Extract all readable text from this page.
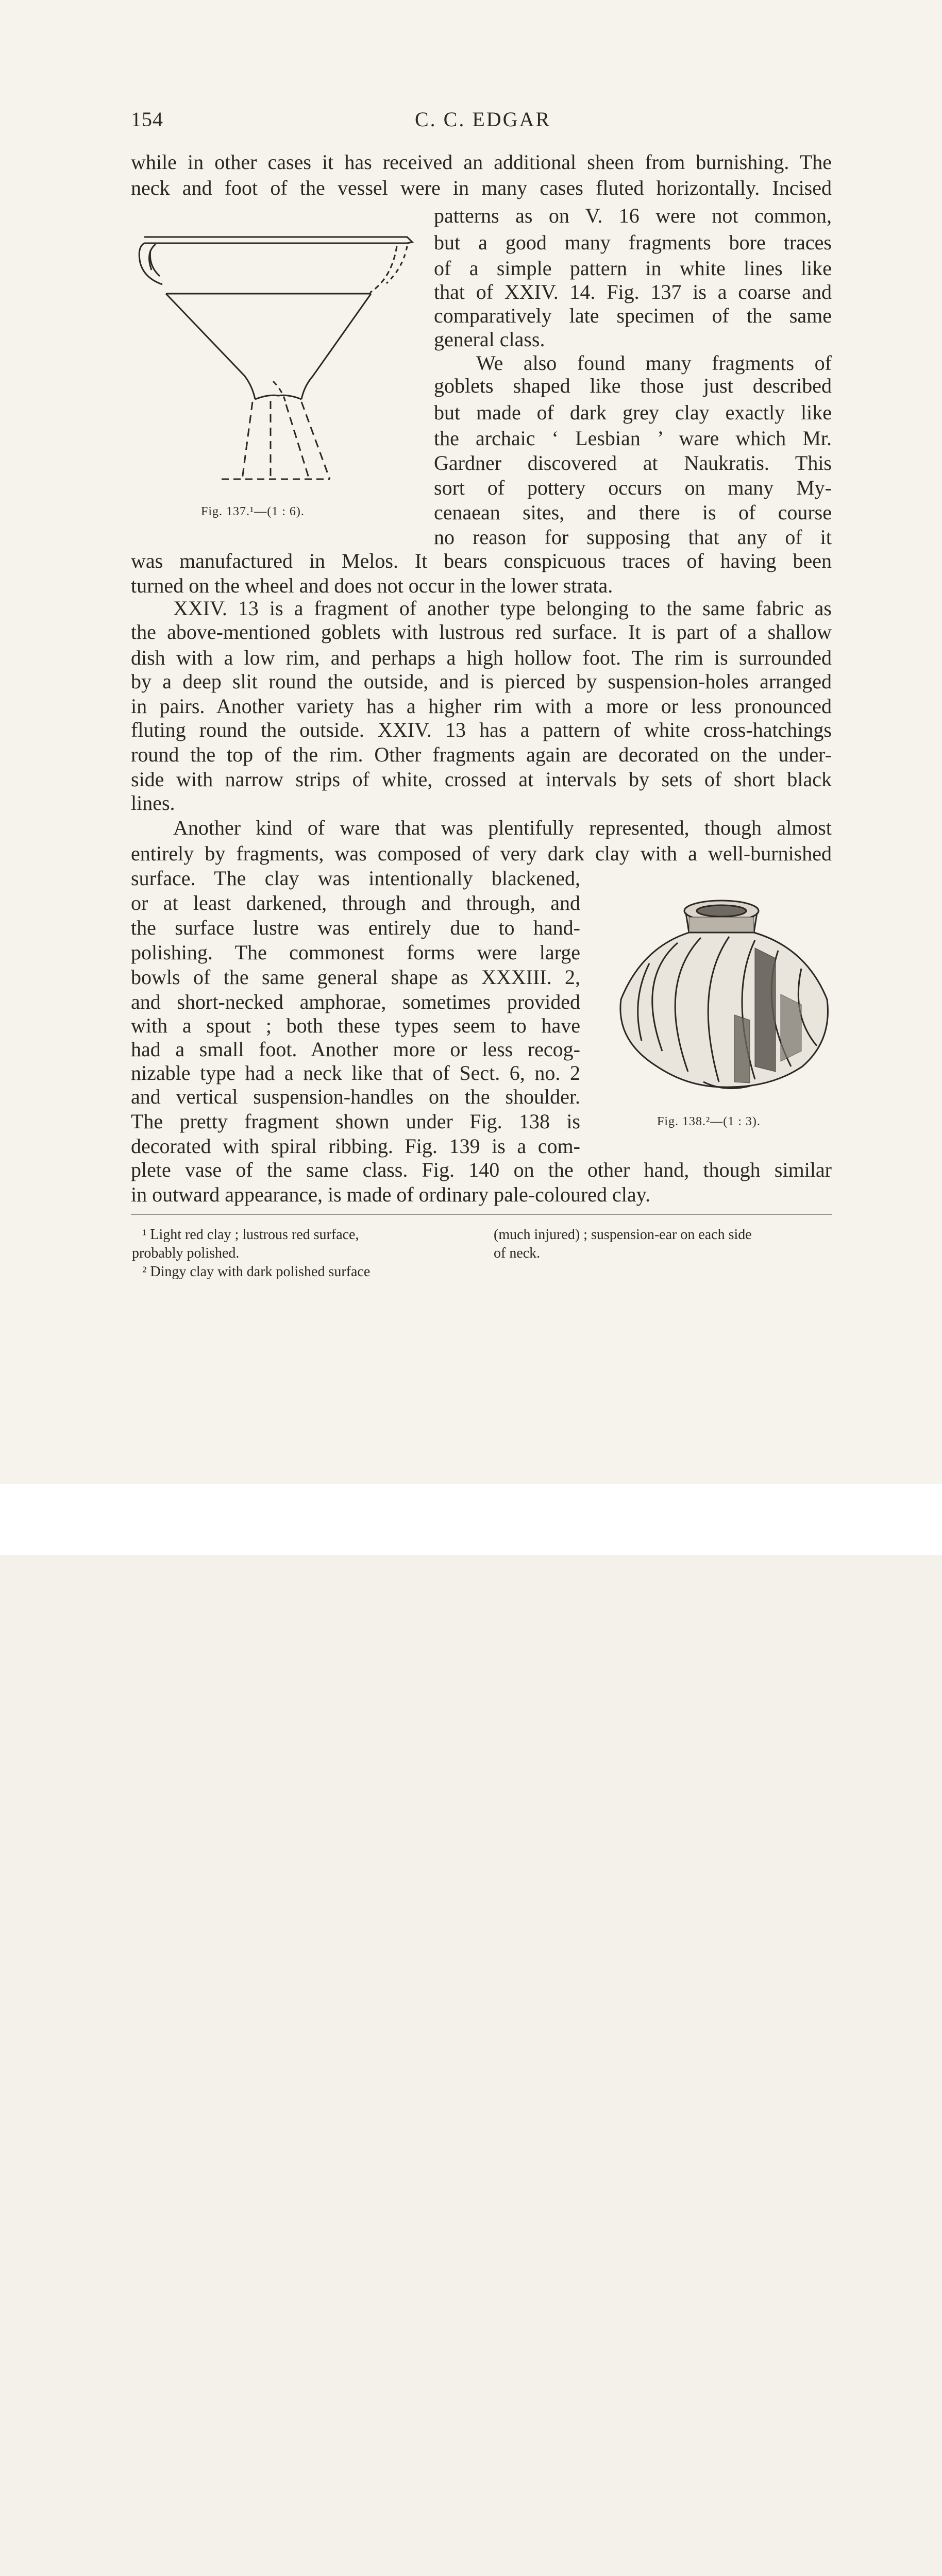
154	C. C. EDGAR
while in other cases it has received an additional sheen from burnishing. The
neck and foot of the vessel were in many cases fluted horizontally. Incised
patterns as on V. 16 were not common,
but a good many fragments bore traces
of a simple pattern in white lines like
that of XXIV. 14. Fig. 137 is a coarse and
comparatively late specimen of the same
general class.
We also found many fragments of
goblets shaped like those just described
but made of dark grey clay exactly like
the archaic ‘ Lesbian ’ ware which Mr.
Gardner discovered at Naukratis. This
sort of pottery occurs on many My-
cenaean sites, and there is of course
no reason for supposing that any of it
was manufactured in Melos. It bears conspicuous traces of having been
turned on the wheel and does not occur in the lower strata.
XXIV. 13 is a fragment of another type belonging to the same fabric as
the above-mentioned goblets with lustrous red surface. It is part of a shallow
dish with a low rim, and perhaps a high hollow foot. The rim is surrounded
by a deep slit round the outside, and is pierced by suspension-holes arranged
in pairs. Another variety has a higher rim with a more or less pronounced
fluting round the outside. XXIV. 13 has a pattern of white cross-hatchings
round the top of the rim. Other fragments again are decorated on the under-
side with narrow strips of white, crossed at intervals by sets of short black
lines.
Another kind of ware that was plentifully represented, though almost
entirely by fragments, was composed of very dark clay with a well-burnished
surface. The clay was intentionally blackened,
or at least darkened, through and through, and
the surface lustre was entirely due to hand-
polishing. The commonest forms were large
bowls of the same general shape as XXXIII. 2,
and short-necked amphorae, sometimes provided
with a spout ; both these types seem to have
had a small foot. Another more or less recog-
nizable type had a neck like that of Sect. 6, no. 2
and vertical suspension-handles on the shoulder.
The pretty fragment shown under Fig. 138 is
decorated with spiral ribbing. Fig. 139 is a com-
plete vase of the same class. Fig. 140 on the other hand, though similar
in outward appearance, is made of ordinary pale-coloured clay.
Fig. 137.¹—(1 : 6).
Fig. 138.²—(1 : 3).
¹ Light red clay ; lustrous red surface,
probably polished.
(much injured) ; suspension-ear on each side
of neck.
² Dingy clay with dark polished surface
